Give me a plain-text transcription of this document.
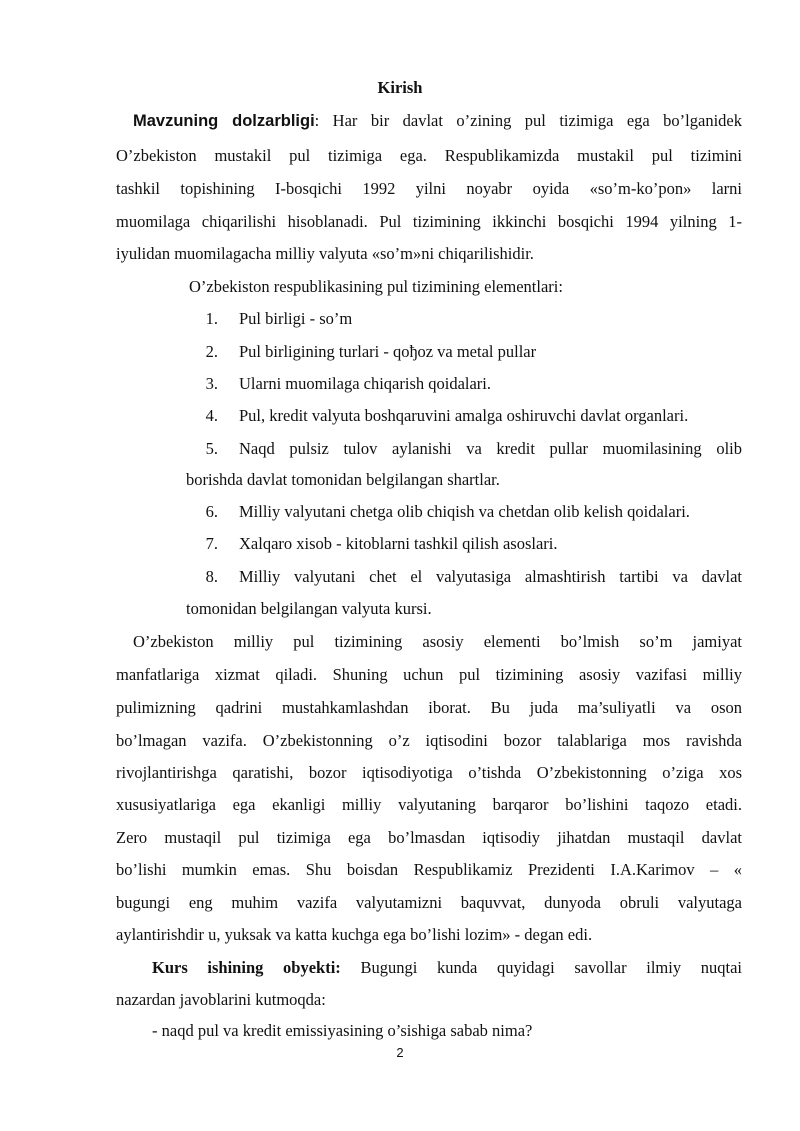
Kirish
Mavzuning dolzarbligi: Har bir davlat o’zining pul tizimiga ega bo’lganidek
O’zbekiston mustakil pul tizimiga ega. Respublikamizda mustakil pul tizimini
tashkil topishining I-bosqichi 1992 yilni noyabr oyida «so’m-ko’pon» larni
muomilaga chiqarilishi hisoblanadi. Pul tizimining ikkinchi bosqichi 1994 yilning 1-
iyulidan muomilagacha milliy valyuta «so’m»ni chiqarilishidir.
O’zbekiston respublikasining pul tizimining elementlari:
1. Pul birligi - so’m
2. Pul birligining turlari - qoђoz va metal pullar
3. Ularni muomilaga chiqarish qoidalari.
4. Pul, kredit valyuta boshqaruvini amalga oshiruvchi davlat organlari.
5. Naqd pulsiz tulov aylanishi va kredit pullar muomilasining olib
borishda davlat tomonidan belgilangan shartlar.
6. Milliy valyutani chetga olib chiqish va chetdan olib kelish qoidalari.
7. Xalqaro xisob - kitoblarni tashkil qilish asoslari.
8. Milliy valyutani chet el valyutasiga almashtirish tartibi va davlat
tomonidan belgilangan valyuta kursi.
O’zbekiston milliy pul tizimining asosiy elementi bo’lmish so’m jamiyat
manfatlariga xizmat qiladi. Shuning uchun pul tizimining asosiy vazifasi milliy
pulimizning qadrini mustahkamlashdan iborat. Bu juda ma’suliyatli va oson
bo’lmagan vazifa. O’zbekistonning o’z iqtisodini bozor talablariga mos ravishda
rivojlantirishga qaratishi, bozor iqtisodiyotiga o’tishda O’zbekistonning o’ziga xos
xususiyatlariga ega ekanligi milliy valyutaning barqaror bo’lishini taqozo etadi.
Zero mustaqil pul tizimiga ega bo’lmasdan iqtisodiy jihatdan mustaqil davlat
bo’lishi mumkin emas. Shu boisdan Respublikamiz Prezidenti I.A.Karimov – «
bugungi eng muhim vazifa valyutamizni baquvvat, dunyoda obruli valyutaga
aylantirishdir u, yuksak va katta kuchga ega bo’lishi lozim» - degan edi.
Kurs ishining obyekti: Bugungi kunda quyidagi savollar ilmiy nuqtai
nazardan javoblarini kutmoqda:
- naqd pul va kredit emissiyasining o’sishiga sabab nima?
2
